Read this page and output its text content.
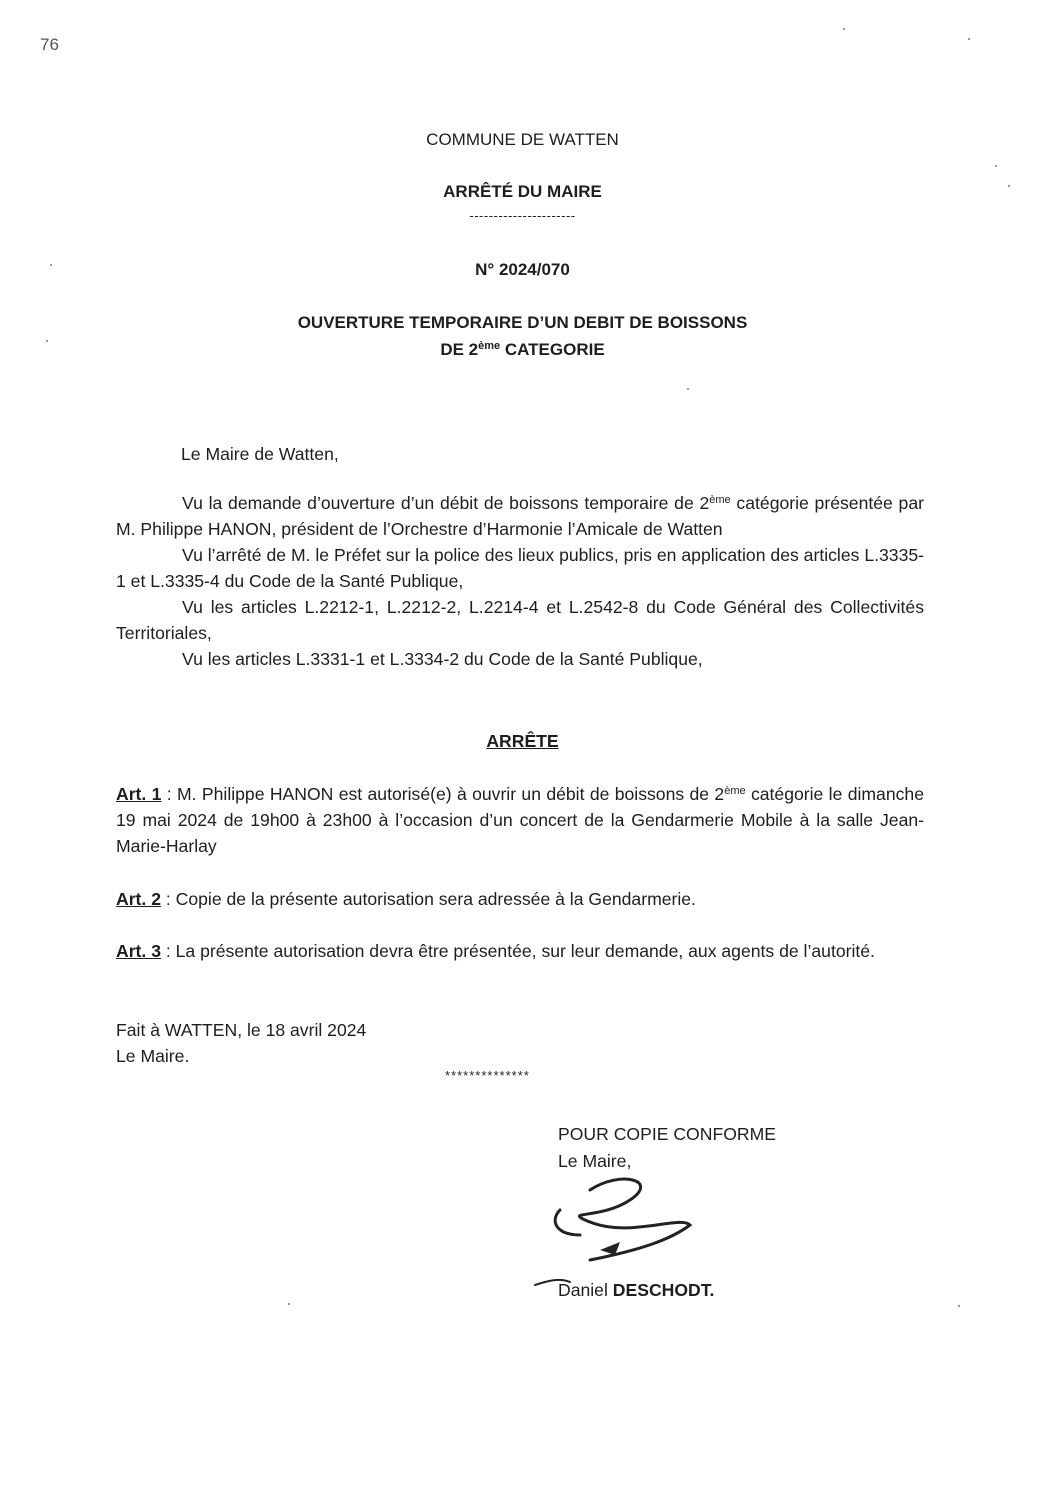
76
COMMUNE DE WATTEN
ARRÊTÉ DU MAIRE
----------------------
N° 2024/070
OUVERTURE TEMPORAIRE D’UN DEBIT DE BOISSONS
DE 2ème CATEGORIE
Le Maire de Watten,

Vu la demande d’ouverture d’un débit de boissons temporaire de 2ème catégorie présentée par M. Philippe HANON, président de l’Orchestre d’Harmonie l’Amicale de Watten

Vu l’arrêté de M. le Préfet sur la police des lieux publics, pris en application des articles L.3335-1 et L.3335-4 du Code de la Santé Publique,

Vu les articles L.2212-1, L.2212-2, L.2214-4 et L.2542-8 du Code Général des Collectivités Territoriales,

Vu les articles L.3331-1 et L.3334-2 du Code de la Santé Publique,

ARRÊTE

Art. 1 : M. Philippe HANON est autorisé(e) à ouvrir un débit de boissons de 2ème catégorie le dimanche 19 mai 2024 de 19h00 à 23h00 à l’occasion d’un concert de la Gendarmerie Mobile à la salle Jean-Marie-Harlay

Art. 2 : Copie de la présente autorisation sera adressée à la Gendarmerie.

Art. 3 : La présente autorisation devra être présentée, sur leur demande, aux agents de l’autorité.

Fait à WATTEN, le 18 avril 2024
Le Maire.
**************
POUR COPIE CONFORME
Le Maire,
Daniel DESCHODT.
